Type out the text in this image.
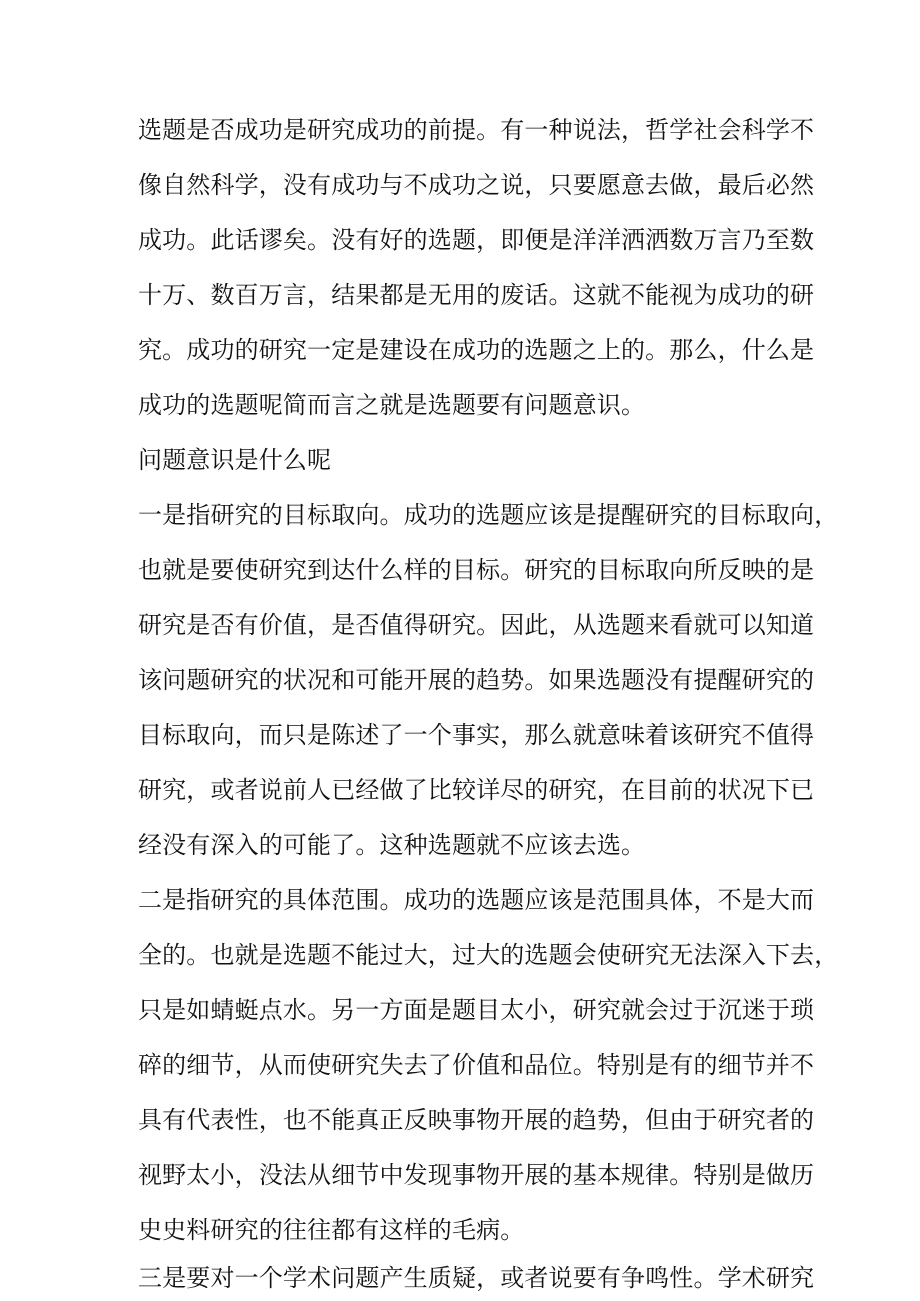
选题是否成功是研究成功的前提。有一种说法，哲学社会科学不
像自然科学，没有成功与不成功之说，只要愿意去做，最后必然
成功。此话谬矣。没有好的选题，即便是洋洋洒洒数万言乃至数
十万、数百万言，结果都是无用的废话。这就不能视为成功的研
究。成功的研究一定是建设在成功的选题之上的。那么，什么是
成功的选题呢简而言之就是选题要有问题意识。
问题意识是什么呢
一是指研究的目标取向。成功的选题应该是提醒研究的目标取向，
也就是要使研究到达什么样的目标。研究的目标取向所反映的是
研究是否有价值，是否值得研究。因此，从选题来看就可以知道
该问题研究的状况和可能开展的趋势。如果选题没有提醒研究的
目标取向，而只是陈述了一个事实，那么就意味着该研究不值得
研究，或者说前人已经做了比较详尽的研究，在目前的状况下已
经没有深入的可能了。这种选题就不应该去选。
二是指研究的具体范围。成功的选题应该是范围具体，不是大而
全的。也就是选题不能过大，过大的选题会使研究无法深入下去，
只是如蜻蜓点水。另一方面是题目太小，研究就会过于沉迷于琐
碎的细节，从而使研究失去了价值和品位。特别是有的细节并不
具有代表性，也不能真正反映事物开展的趋势，但由于研究者的
视野太小，没法从细节中发现事物开展的基本规律。特别是做历
史史料研究的往往都有这样的毛病。
三是要对一个学术问题产生质疑，或者说要有争鸣性。学术研究
